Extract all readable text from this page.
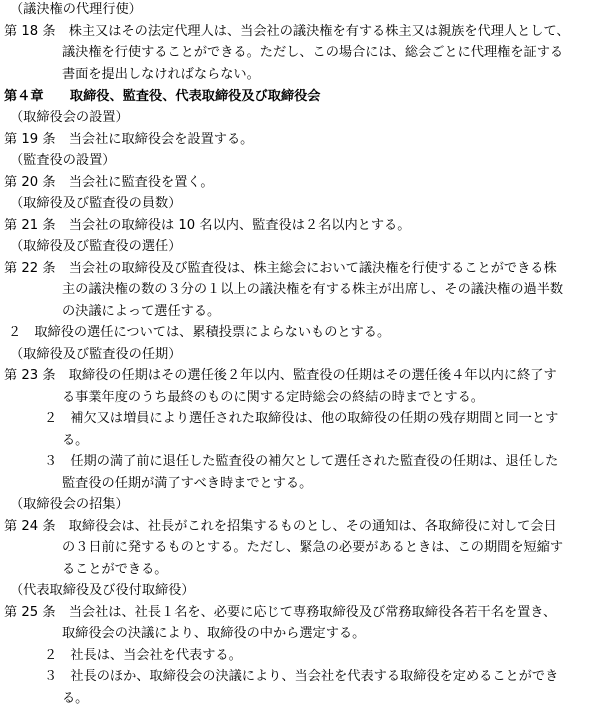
（議決権の代理行使）
第 18 条　株主又はその法定代理人は、当会社の議決権を有する株主又は親族を代理人として、
議決権を行使することができる。ただし、この場合には、総会ごとに代理権を証する
書面を提出しなければならない。
第４章　　取締役、監査役、代表取締役及び取締役会
（取締役会の設置）
第 19 条　当会社に取締役会を設置する。
（監査役の設置）
第 20 条　当会社に監査役を置く。
（取締役及び監査役の員数）
第 21 条　当会社の取締役は 10 名以内、監査役は２名以内とする。
（取締役及び監査役の選任）
第 22 条　当会社の取締役及び監査役は、株主総会において議決権を行使することができる株
主の議決権の数の３分の１以上の議決権を有する株主が出席し、その議決権の過半数
の決議によって選任する。
２　取締役の選任については、累積投票によらないものとする。
（取締役及び監査役の任期）
第 23 条　取締役の任期はその選任後２年以内、監査役の任期はその選任後４年以内に終了す
る事業年度のうち最終のものに関する定時総会の終結の時までとする。
２　補欠又は増員により選任された取締役は、他の取締役の任期の残存期間と同一とす
る。
３　任期の満了前に退任した監査役の補欠として選任された監査役の任期は、退任した
監査役の任期が満了すべき時までとする。
（取締役会の招集）
第 24 条　取締役会は、社長がこれを招集するものとし、その通知は、各取締役に対して会日
の３日前に発するものとする。ただし、緊急の必要があるときは、この期間を短縮す
ることができる。
（代表取締役及び役付取締役）
第 25 条　当会社は、社長１名を、必要に応じて専務取締役及び常務取締役各若干名を置き、
取締役会の決議により、取締役の中から選定する。
２　社長は、当会社を代表する。
３　社長のほか、取締役会の決議により、当会社を代表する取締役を定めることができ
る。
